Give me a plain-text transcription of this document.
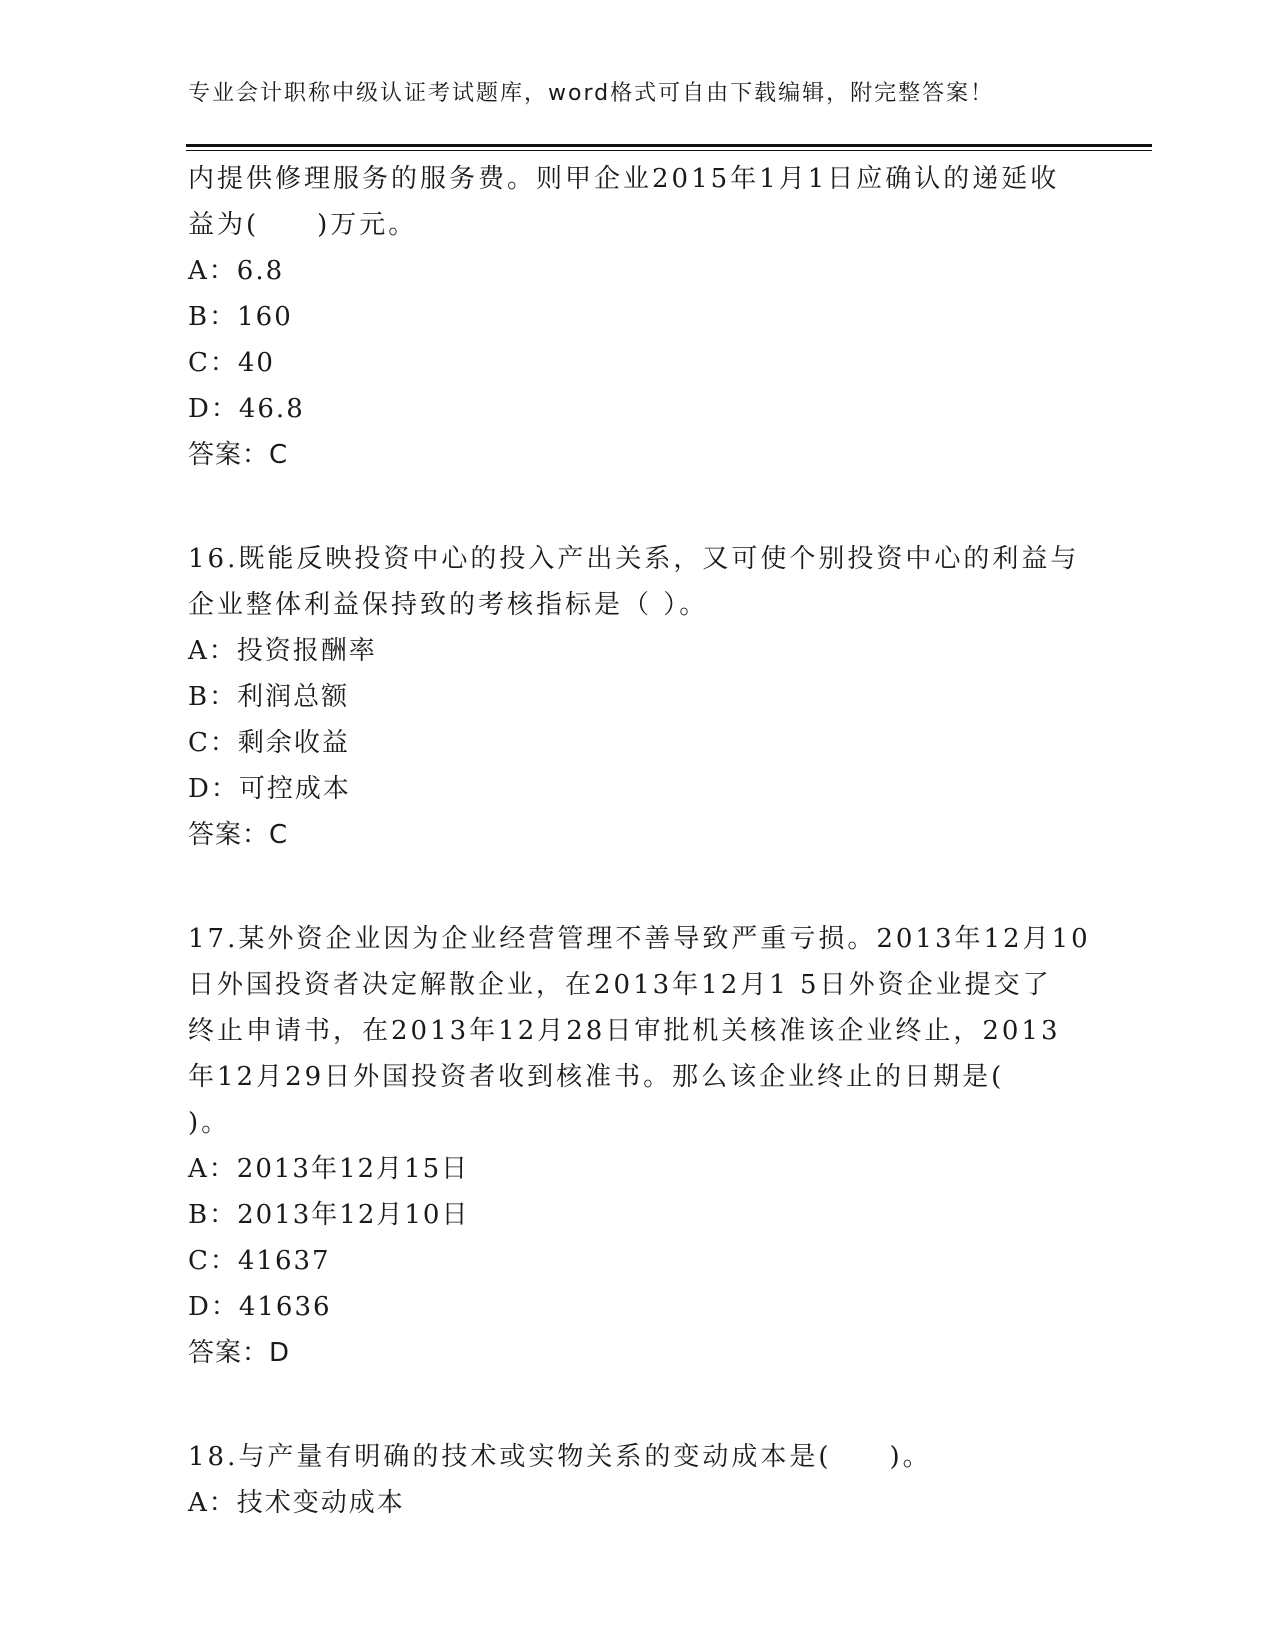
专业会计职称中级认证考试题库，word格式可自由下载编辑，附完整答案！
内提供修理服务的服务费。则甲企业2015年1月1日应确认的递延收
益为(　　)万元。
A：6.8
B：160
C：40
D：46.8
答案：C
16.既能反映投资中心的投入产出关系，又可使个别投资中心的利益与
企业整体利益保持致的考核指标是（ ）。
A：投资报酬率
B：利润总额
C：剩余收益
D：可控成本
答案：C
17.某外资企业因为企业经营管理不善导致严重亏损。2013年12月10
日外国投资者决定解散企业，在2013年12月1 5日外资企业提交了
终止申请书，在2013年12月28日审批机关核准该企业终止，2013
年12月29日外国投资者收到核准书。那么该企业终止的日期是(
)。
A：2013年12月15日
B：2013年12月10日
C：41637
D：41636
答案：D
18.与产量有明确的技术或实物关系的变动成本是(　　)。
A：技术变动成本
